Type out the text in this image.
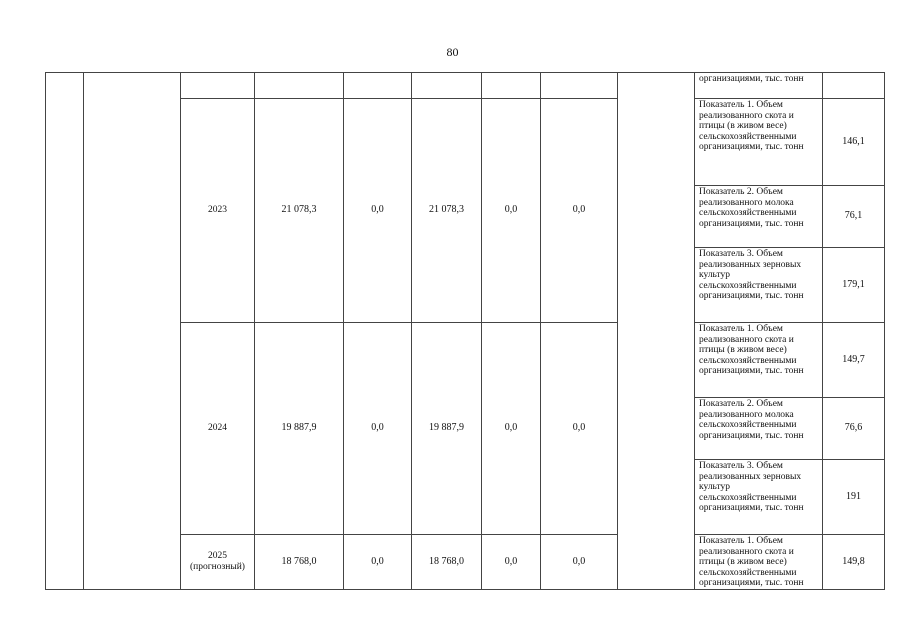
80
									организациями, тыс. тонн	
		2023	21 078,3	0,0	21 078,3	0,0	0,0		Показатель 1. Объем реализованного скота и птицы (в живом весе) сельскохозяйственными организациями, тыс. тонн	146,1
									Показатель 2. Объем реализованного молока сельскохозяйственными организациями, тыс. тонн	76,1
									Показатель 3. Объем реализованных зерновых культур сельскохозяйственными организациями, тыс. тонн	179,1
		2024	19 887,9	0,0	19 887,9	0,0	0,0		Показатель 1. Объем реализованного скота и птицы (в живом весе) сельскохозяйственными организациями, тыс. тонн	149,7
									Показатель 2. Объем реализованного молока сельскохозяйственными организациями, тыс. тонн	76,6
									Показатель 3. Объем реализованных зерновых культур сельскохозяйственными организациями, тыс. тонн	191
		2025 (прогнозный)	18 768,0	0,0	18 768,0	0,0	0,0		Показатель 1. Объем реализованного скота и птицы (в живом весе) сельскохозяйственными организациями, тыс. тонн	149,8
